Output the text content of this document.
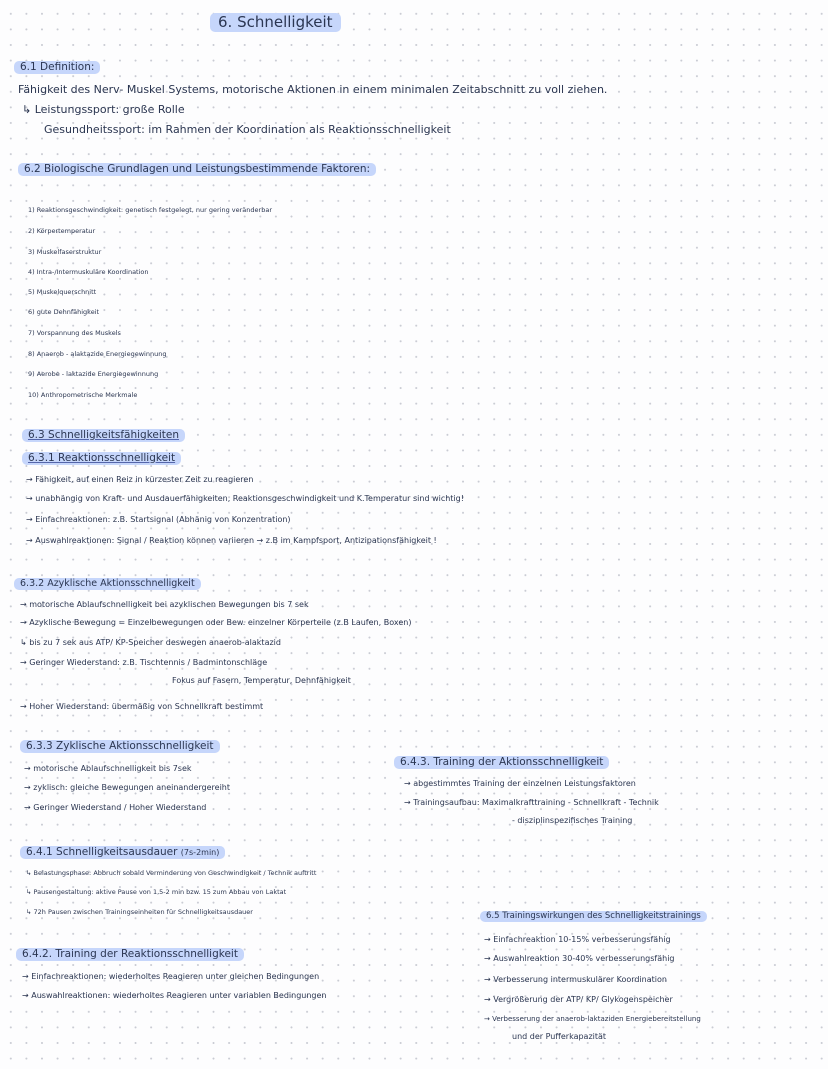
6. Schnelligkeit
6.1 Definition:
Fähigkeit des Nerv- Muskel Systems, motorische Aktionen in einem minimalen Zeitabschnitt zu voll ziehen.
↳ Leistungssport: große Rolle
Gesundheitssport: im Rahmen der Koordination als Reaktionsschnelligkeit
6.2 Biologische Grundlagen und Leistungsbestimmende Faktoren:
1) Reaktionsgeschwindigkeit: genetisch festgelegt, nur gering veränderbar
2) Körpertemperatur
3) Muskelfaserstruktur
4) Intra-/Intermuskuläre Koordination
5) Muskelquerschnitt
6) gute Dehnfähigkeit
7) Vorspannung des Muskels
8) Anaerob - alaktazide Energiegewinnung
9) Aerobe - laktazide Energiegewinnung
10) Anthropometrische Merkmale
6.3 Schnelligkeitsfähigkeiten
6.3.1 Reaktionsschnelligkeit
→ Fähigkeit, auf einen Reiz in kürzester Zeit zu reagieren
→ unabhängig von Kraft- und Ausdauerfähigkeiten, Reaktionsgeschwindigkeit und K.Temperatur sind wichtig!
→ Einfachreaktionen: z.B. Startsignal (Abhänig von Konzentration)
→ Auswahlreaktionen: Signal / Reaktion können variieren → z.B im Kampfsport, Antizipationsfähigkeit !
6.3.2 Azyklische Aktionsschnelligkeit
→ motorische Ablaufschnelligkeit bei azyklischen Bewegungen bis 7 sek
→ Azyklische Bewegung = Einzelbewegungen oder Bew. einzelner Körperteile (z.B Laufen, Boxen)
↳ bis zu 7 sek aus ATP/ KP-Speicher deswegen anaerob-alaktazid
→ Geringer Wiederstand: z.B. Tischtennis / Badmintonschläge
Fokus auf Fasern, Temperatur, Dehnfähigkeit
→ Hoher Wiederstand: übermäßig von Schnellkraft bestimmt
6.3.3 Zyklische Aktionsschnelligkeit
→ motorische Ablaufschnelligkeit bis 7sek
→ zyklisch: gleiche Bewegungen aneinandergereiht
→ Geringer Wiederstand / Hoher Wiederstand
6.4.3. Training der Aktionsschnelligkeit
→ abgestimmtes Training der einzelnen Leistungsfaktoren
→ Trainingsaufbau: Maximalkrafttraining - Schnellkraft - Technik
- disziplinspezifisches Training
6.4.1 Schnelligkeitsausdauer (7s-2min)
↳ Belastungsphase: Abbruch sobald Verminderung von Geschwindigkeit / Technik auftritt
↳ Pausengestaltung: aktive Pause von 1,5-2 min bzw. 15 zum Abbau von Laktat
↳ 72h Pausen zwischen Trainingseinheiten für Schnelligkeitsausdauer
6.4.2. Training der Reaktionsschnelligkeit
→ Einfachreaktionen: wiederholtes Reagieren unter gleichen Bedingungen
→ Auswahlreaktionen: wiederholtes Reagieren unter variablen Bedingungen
6.5 Trainingswirkungen des Schnelligkeitstrainings
→ Einfachreaktion 10-15% verbesserungsfähig
→ Auswahlreaktion 30-40% verbesserungsfähig
→ Verbesserung intermuskulärer Koordination
→ Vergrößerung der ATP/ KP/ Glykogenspeicher
→ Verbesserung der anaerob-laktaziden Energiebereitstellung
und der Pufferkapazität
